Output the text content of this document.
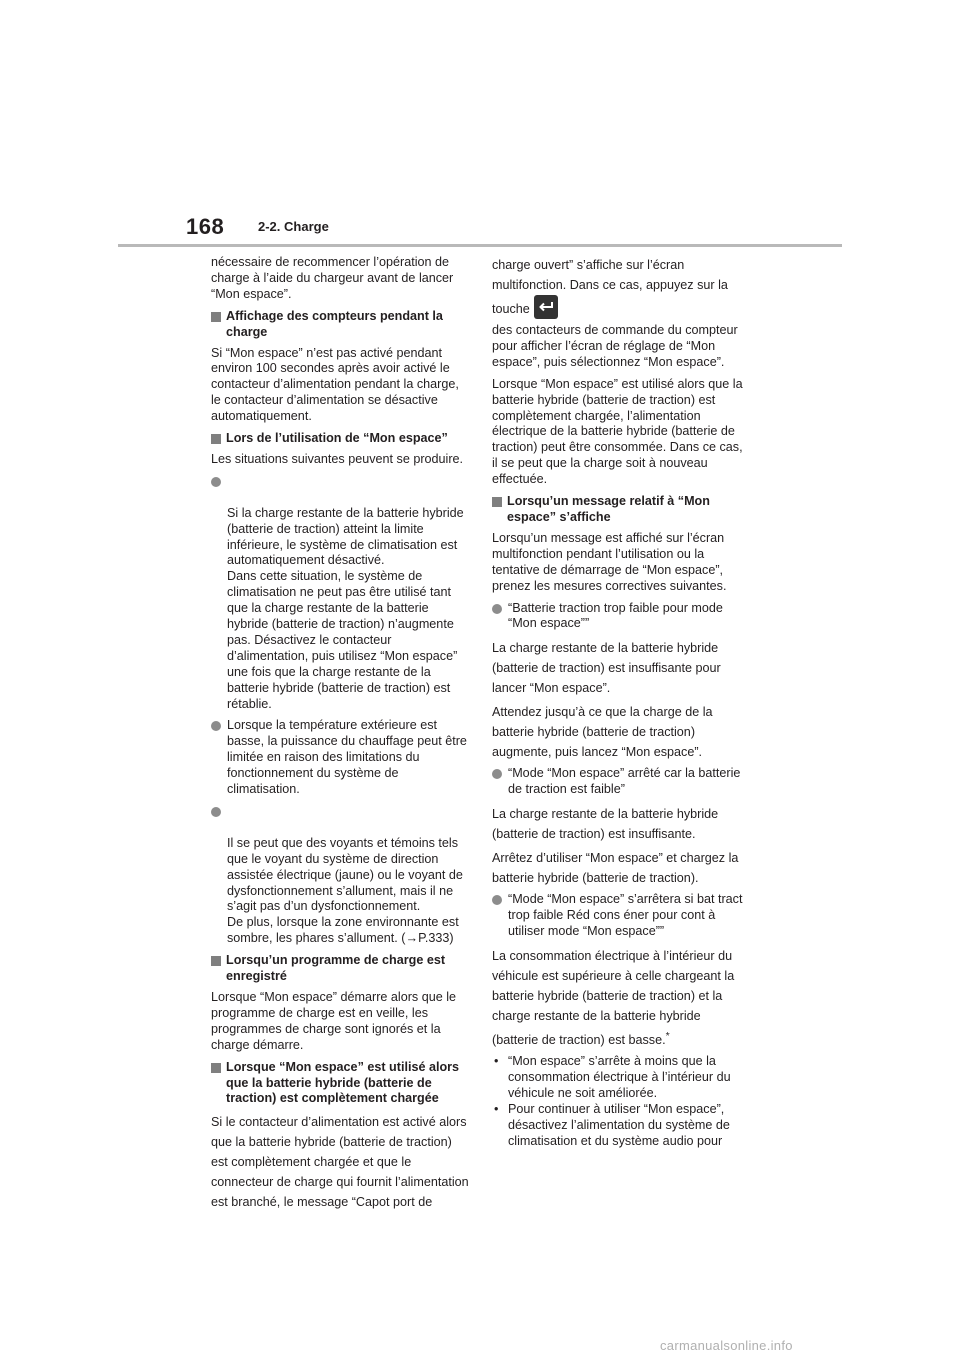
168	2-2. Charge

nécessaire de recommencer l’opération de charge à l’aide du chargeur avant de lancer “Mon espace”.

Affichage des compteurs pendant la charge

Si “Mon espace” n’est pas activé pendant environ 100 secondes après avoir activé le contacteur d’alimentation pendant la charge, le contacteur d’alimentation se désactive automatiquement.

Lors de l’utilisation de “Mon espace”

Les situations suivantes peuvent se produire.

Si la charge restante de la batterie hybride (batterie de traction) atteint la limite inférieure, le système de climatisation est automatiquement désactivé.
Dans cette situation, le système de climatisation ne peut pas être utilisé tant que la charge restante de la batterie hybride (batterie de traction) n’augmente pas. Désactivez le contacteur d’alimentation, puis utilisez “Mon espace” une fois que la charge restante de la batterie hybride (batterie de traction) est rétablie.

Lorsque la température extérieure est basse, la puissance du chauffage peut être limitée en raison des limitations du fonctionnement du système de climatisation.

Il se peut que des voyants et témoins tels que le voyant du système de direction assistée électrique (jaune) ou le voyant de dysfonctionnement s’allument, mais il ne s’agit pas d’un dysfonctionnement.
De plus, lorsque la zone environnante est sombre, les phares s’allument. (→P.333)

Lorsqu’un programme de charge est enregistré

Lorsque “Mon espace” démarre alors que le programme de charge est en veille, les programmes de charge sont ignorés et la charge démarre.

Lorsque “Mon espace” est utilisé alors que la batterie hybride (batterie de traction) est complètement chargée

Si le contacteur d’alimentation est activé alors que la batterie hybride (batterie de traction) est complètement chargée et que le connecteur de charge qui fournit l’alimentation est branché, le message “Capot port de

charge ouvert” s’affiche sur l’écran multifonction. Dans ce cas, appuyez sur la touche

des contacteurs de commande du compteur pour afficher l’écran de réglage de “Mon espace”, puis sélectionnez “Mon espace”.

Lorsque “Mon espace” est utilisé alors que la batterie hybride (batterie de traction) est complètement chargée, l’alimentation électrique de la batterie hybride (batterie de traction) peut être consommée. Dans ce cas, il se peut que la charge soit à nouveau effectuée.

Lorsqu’un message relatif à “Mon espace” s’affiche

Lorsqu’un message est affiché sur l’écran multifonction pendant l’utilisation ou la tentative de démarrage de “Mon espace”, prenez les mesures correctives suivantes.

“Batterie traction trop faible pour mode “Mon espace””

La charge restante de la batterie hybride (batterie de traction) est insuffisante pour lancer “Mon espace”.

Attendez jusqu’à ce que la charge de la batterie hybride (batterie de traction) augmente, puis lancez “Mon espace”.

“Mode “Mon espace” arrêté car la batterie de traction est faible”

La charge restante de la batterie hybride (batterie de traction) est insuffisante.

Arrêtez d’utiliser “Mon espace” et chargez la batterie hybride (batterie de traction).

“Mode “Mon espace” s’arrêtera si bat tract trop faible Réd cons éner pour cont à utiliser mode “Mon espace””

La consommation électrique à l’intérieur du véhicule est supérieure à celle chargeant la batterie hybride (batterie de traction) et la charge restante de la batterie hybride (batterie de traction) est basse.*

• “Mon espace” s’arrête à moins que la consommation électrique à l’intérieur du véhicule ne soit améliorée.
• Pour continuer à utiliser “Mon espace”, désactivez l’alimentation du système de climatisation et du système audio pour
carmanualsonline.info
